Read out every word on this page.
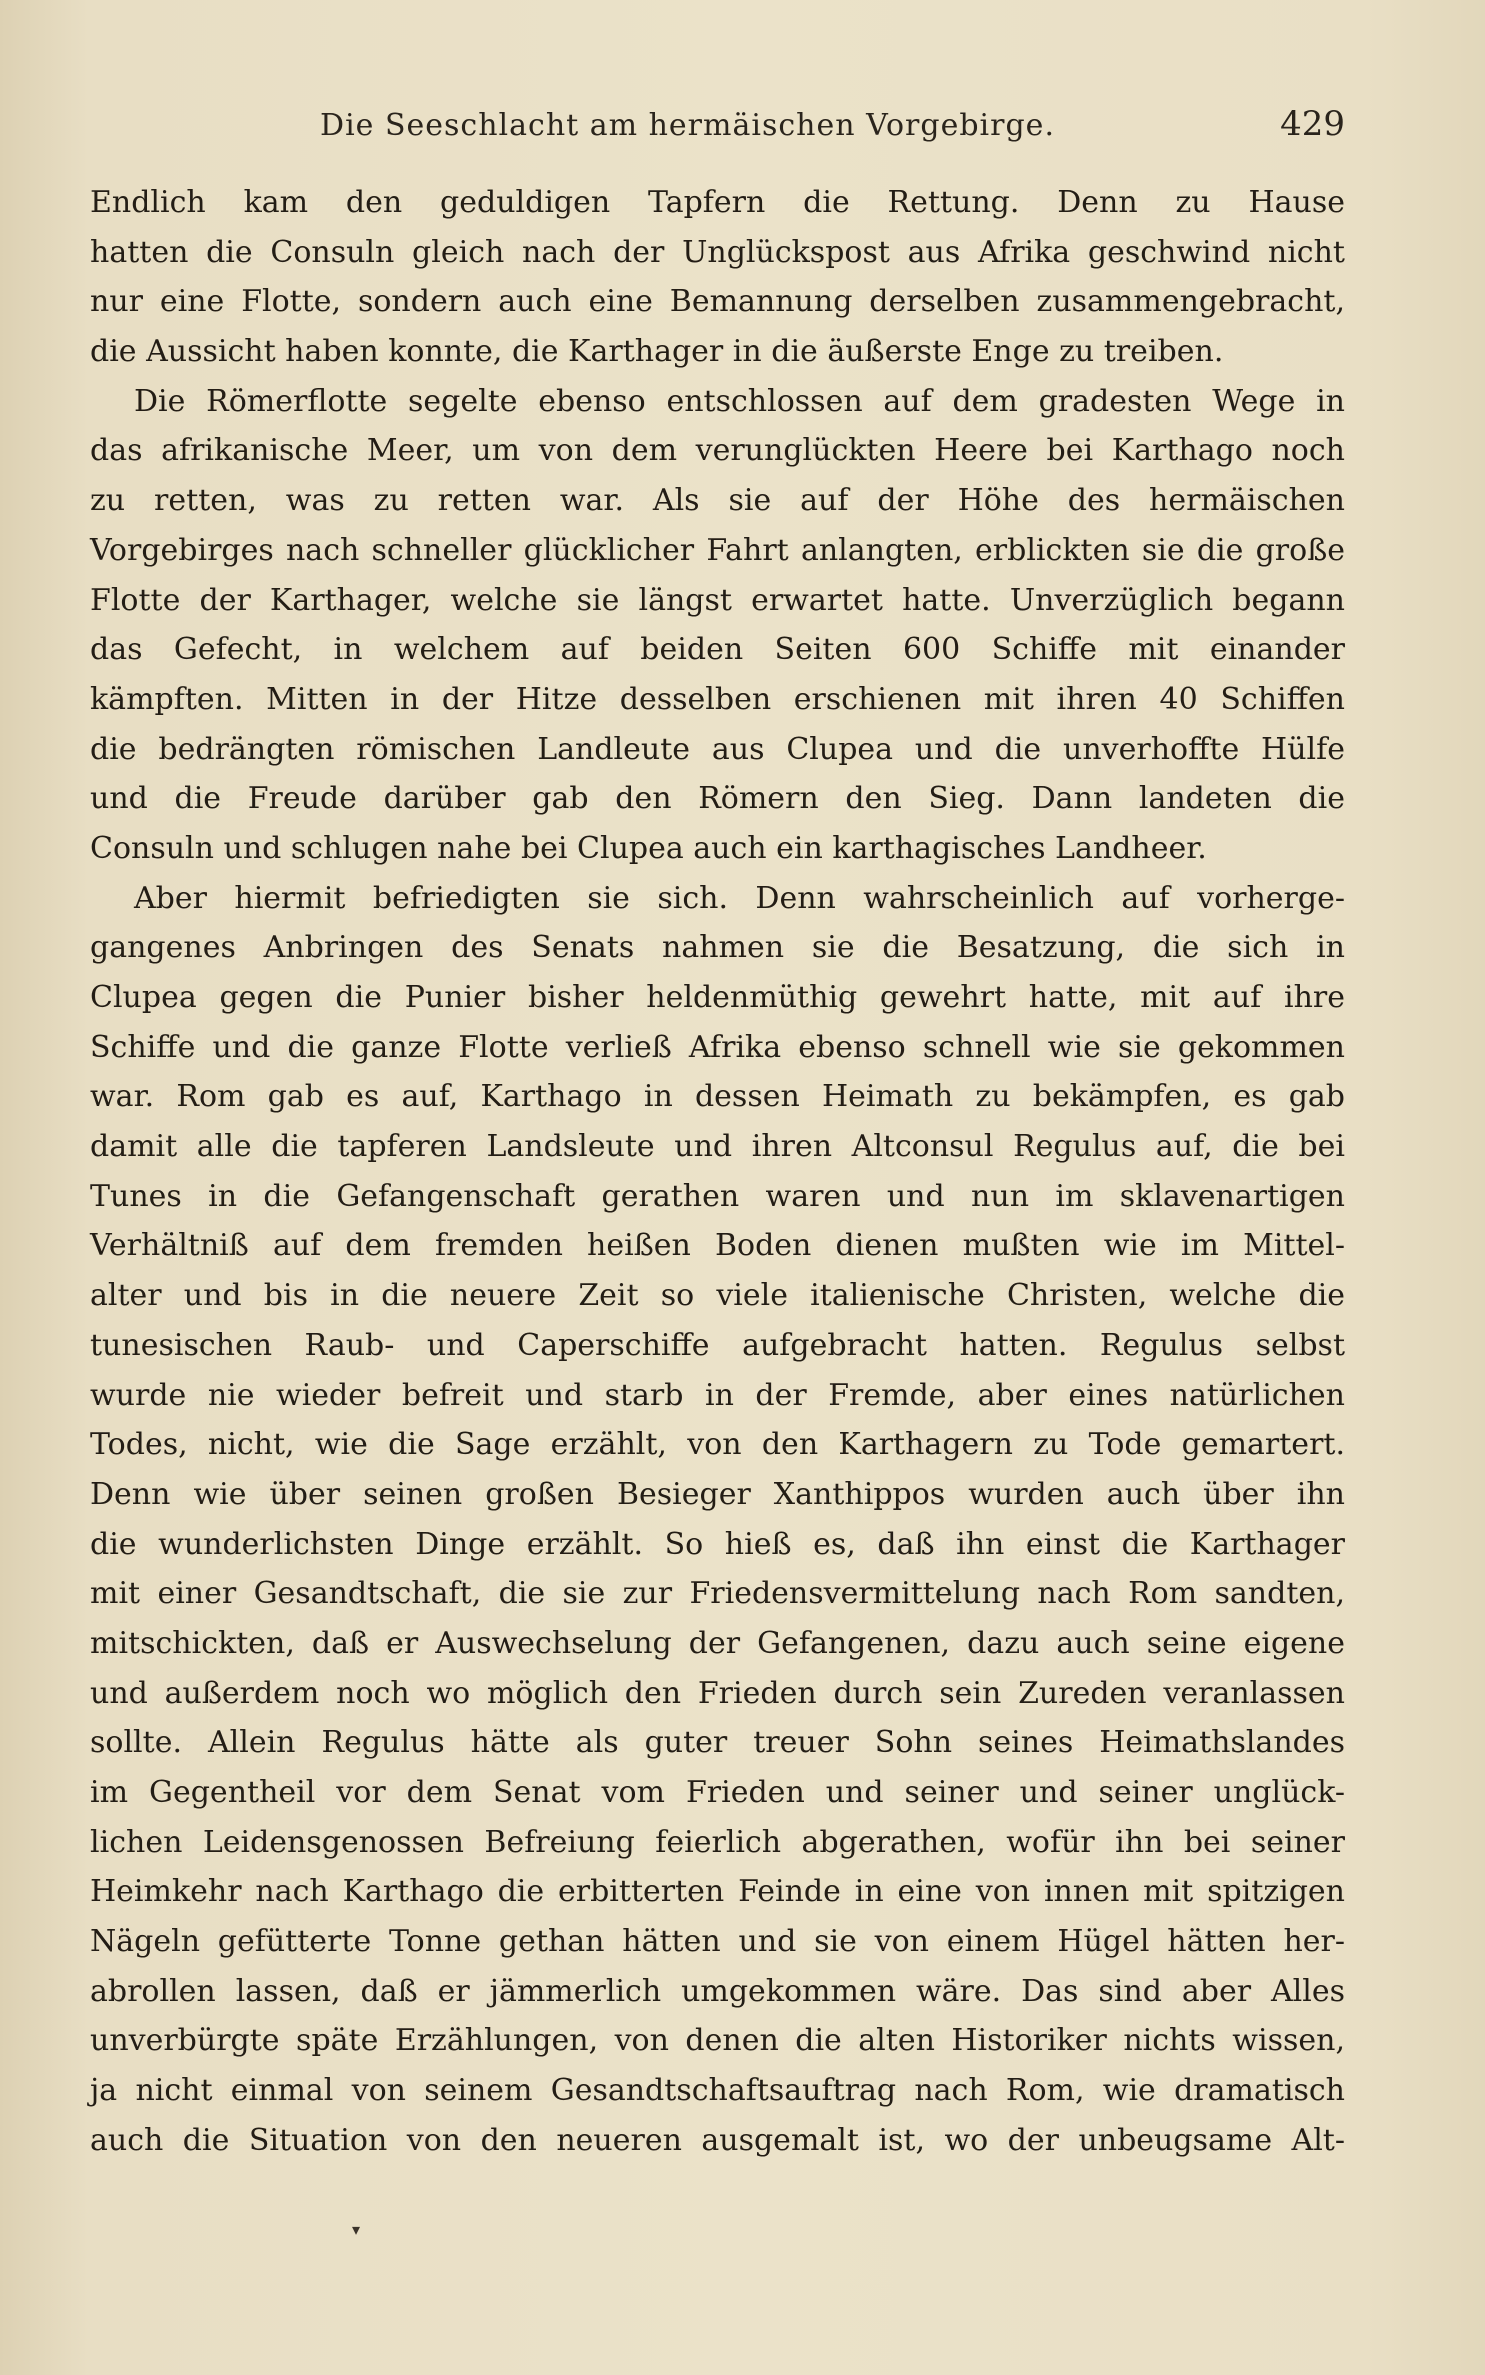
Die Seeschlacht am hermäischen Vorgebirge.	429
Endlich kam den geduldigen Tapfern die Rettung. Denn zu Hause
hatten die Consuln gleich nach der Unglückspost aus Afrika geschwind nicht
nur eine Flotte, sondern auch eine Bemannung derselben zusammengebracht,
die Aussicht haben konnte, die Karthager in die äußerste Enge zu treiben.
Die Römerflotte segelte ebenso entschlossen auf dem gradesten Wege in
das afrikanische Meer, um von dem verunglückten Heere bei Karthago noch
zu retten, was zu retten war. Als sie auf der Höhe des hermäischen
Vorgebirges nach schneller glücklicher Fahrt anlangten, erblickten sie die große
Flotte der Karthager, welche sie längst erwartet hatte. Unverzüglich begann
das Gefecht, in welchem auf beiden Seiten 600 Schiffe mit einander
kämpften. Mitten in der Hitze desselben erschienen mit ihren 40 Schiffen
die bedrängten römischen Landleute aus Clupea und die unverhoffte Hülfe
und die Freude darüber gab den Römern den Sieg. Dann landeten die
Consuln und schlugen nahe bei Clupea auch ein karthagisches Landheer.
Aber hiermit befriedigten sie sich. Denn wahrscheinlich auf vorherge-
gangenes Anbringen des Senats nahmen sie die Besatzung, die sich in
Clupea gegen die Punier bisher heldenmüthig gewehrt hatte, mit auf ihre
Schiffe und die ganze Flotte verließ Afrika ebenso schnell wie sie gekommen
war. Rom gab es auf, Karthago in dessen Heimath zu bekämpfen, es gab
damit alle die tapferen Landsleute und ihren Altconsul Regulus auf, die bei
Tunes in die Gefangenschaft gerathen waren und nun im sklavenartigen
Verhältniß auf dem fremden heißen Boden dienen mußten wie im Mittel-
alter und bis in die neuere Zeit so viele italienische Christen, welche die
tunesischen Raub- und Caperschiffe aufgebracht hatten. Regulus selbst
wurde nie wieder befreit und starb in der Fremde, aber eines natürlichen
Todes, nicht, wie die Sage erzählt, von den Karthagern zu Tode gemartert.
Denn wie über seinen großen Besieger Xanthippos wurden auch über ihn
die wunderlichsten Dinge erzählt. So hieß es, daß ihn einst die Karthager
mit einer Gesandtschaft, die sie zur Friedensvermittelung nach Rom sandten,
mitschickten, daß er Auswechselung der Gefangenen, dazu auch seine eigene
und außerdem noch wo möglich den Frieden durch sein Zureden veranlassen
sollte. Allein Regulus hätte als guter treuer Sohn seines Heimathslandes
im Gegentheil vor dem Senat vom Frieden und seiner und seiner unglück-
lichen Leidensgenossen Befreiung feierlich abgerathen, wofür ihn bei seiner
Heimkehr nach Karthago die erbitterten Feinde in eine von innen mit spitzigen
Nägeln gefütterte Tonne gethan hätten und sie von einem Hügel hätten her-
abrollen lassen, daß er jämmerlich umgekommen wäre. Das sind aber Alles
unverbürgte späte Erzählungen, von denen die alten Historiker nichts wissen,
ja nicht einmal von seinem Gesandtschaftsauftrag nach Rom, wie dramatisch
auch die Situation von den neueren ausgemalt ist, wo der unbeugsame Alt-
▾
